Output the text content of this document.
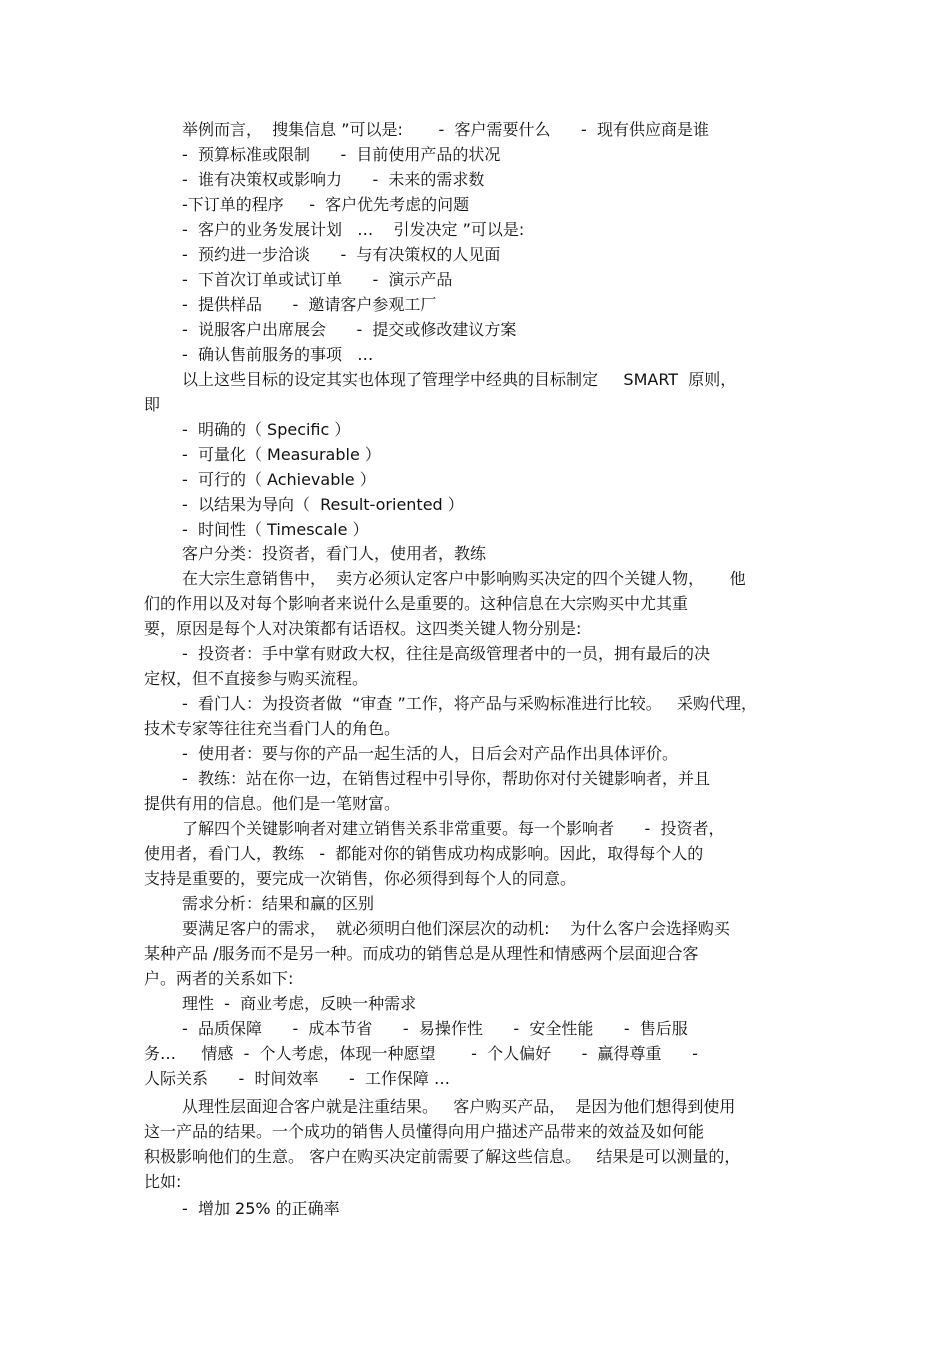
举例而言，  搜集信息 ”可以是:       -  客户需要什么      -  现有供应商是谁
-  预算标准或限制      -  目前使用产品的状况
-  谁有决策权或影响力      -  未来的需求数
-下订单的程序     -  客户优先考虑的问题
-  客户的业务发展计划   …    引发决定 ”可以是:
-  预约进一步洽谈      -  与有决策权的人见面
-  下首次订单或试订单      -  演示产品
-  提供样品      -  邀请客户参观工厂
-  说服客户出席展会      -  提交或修改建议方案
-  确认售前服务的事项   …
以上这些目标的设定其实也体现了管理学中经典的目标制定     SMART  原则，
即
-  明确的（ Specific ）
-  可量化（ Measurable ）
-  可行的（ Achievable ）
-  以结果为导向（  Result-oriented ）
-  时间性（ Timescale ）
客户分类：投资者，看门人，使用者，教练
在大宗生意销售中，  卖方必须认定客户中影响购买决定的四个关键人物，     他
们的作用以及对每个影响者来说什么是重要的。这种信息在大宗购买中尤其重
要，原因是每个人对决策都有话语权。这四类关键人物分别是:
-  投资者：手中掌有财政大权，往往是高级管理者中的一员，拥有最后的决
定权，但不直接参与购买流程。
-  看门人：为投资者做  “审查 ”工作，将产品与采购标准进行比较。   采购代理，
技术专家等往往充当看门人的角色。
-  使用者：要与你的产品一起生活的人，日后会对产品作出具体评价。
-  教练：站在你一边，在销售过程中引导你，帮助你对付关键影响者，并且
提供有用的信息。他们是一笔财富。
了解四个关键影响者对建立销售关系非常重要。每一个影响者      -  投资者，
使用者，看门人，教练   -  都能对你的销售成功构成影响。因此，取得每个人的
支持是重要的，要完成一次销售，你必须得到每个人的同意。
需求分析：结果和赢的区别
要满足客户的需求，  就必须明白他们深层次的动机:    为什么客户会选择购买
某种产品 /服务而不是另一种。而成功的销售总是从理性和情感两个层面迎合客
户。两者的关系如下:
理性  -  商业考虑，反映一种需求
-  品质保障      -  成本节省      -  易操作性      -  安全性能      -  售后服
务…     情感  -  个人考虑，体现一种愿望       -  个人偏好      -  赢得尊重      -
人际关系      -  时间效率      -  工作保障 …
从理性层面迎合客户就是注重结果。   客户购买产品，  是因为他们想得到使用
这一产品的结果。一个成功的销售人员懂得向用户描述产品带来的效益及如何能
积极影响他们的生意。 客户在购买决定前需要了解这些信息。   结果是可以测量的，
比如:
-  增加 25% 的正确率
